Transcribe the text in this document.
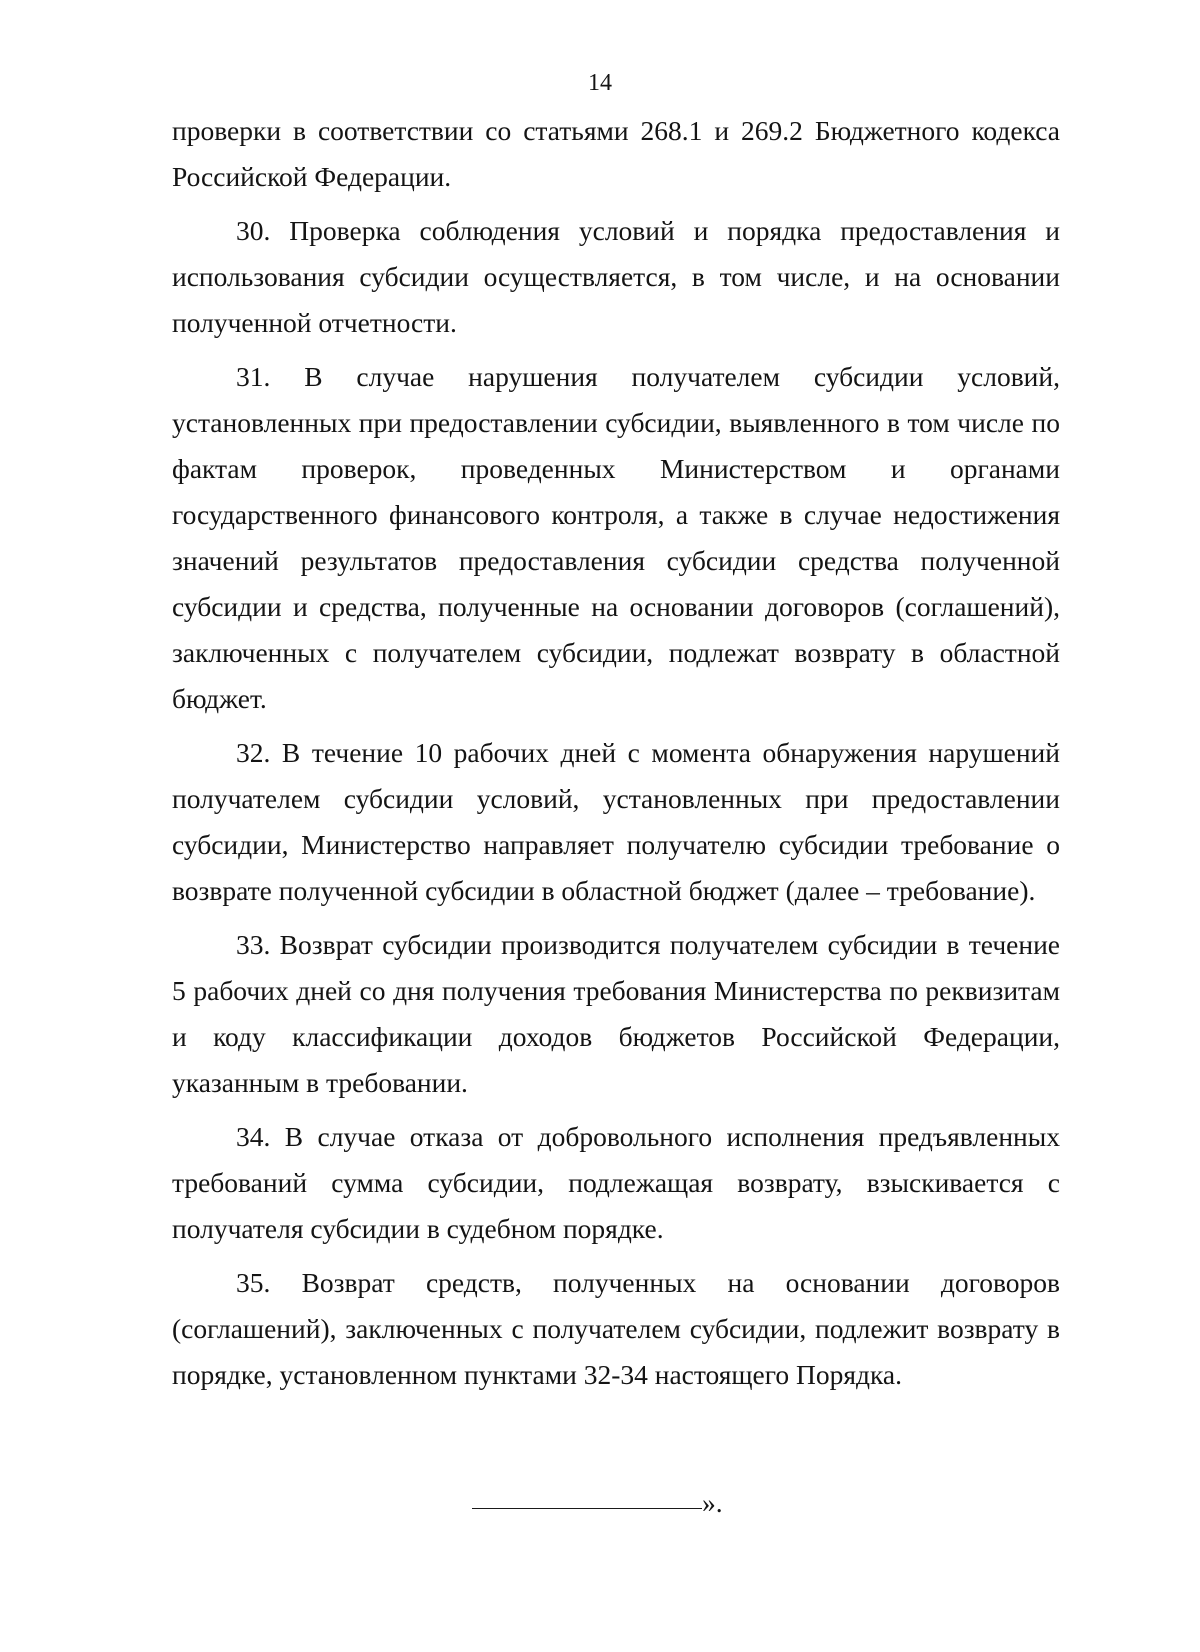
14

проверки в соответствии со статьями 268.1 и 269.2 Бюджетного кодекса Российской Федерации.

30. Проверка соблюдения условий и порядка предоставления и использования субсидии осуществляется, в том числе, и на основании полученной отчетности.

31. В случае нарушения получателем субсидии условий, установленных при предоставлении субсидии, выявленного в том числе по фактам проверок, проведенных Министерством и органами государственного финансового контроля, а также в случае недостижения значений результатов предоставления субсидии средства полученной субсидии и средства, полученные на основании договоров (соглашений), заключенных с получателем субсидии, подлежат возврату в областной бюджет.

32. В течение 10 рабочих дней с момента обнаружения нарушений получателем субсидии условий, установленных при предоставлении субсидии, Министерство направляет получателю субсидии требование о возврате полученной субсидии в областной бюджет (далее – требование).

33. Возврат субсидии производится получателем субсидии в течение 5 рабочих дней со дня получения требования Министерства по реквизитам и коду классификации доходов бюджетов Российской Федерации, указанным в требовании.

34. В случае отказа от добровольного исполнения предъявленных требований сумма субсидии, подлежащая возврату, взыскивается с получателя субсидии в судебном порядке.

35. Возврат средств, полученных на основании договоров (соглашений), заключенных с получателем субсидии, подлежит возврату в порядке, установленном пунктами 32-34 настоящего Порядка.

».
